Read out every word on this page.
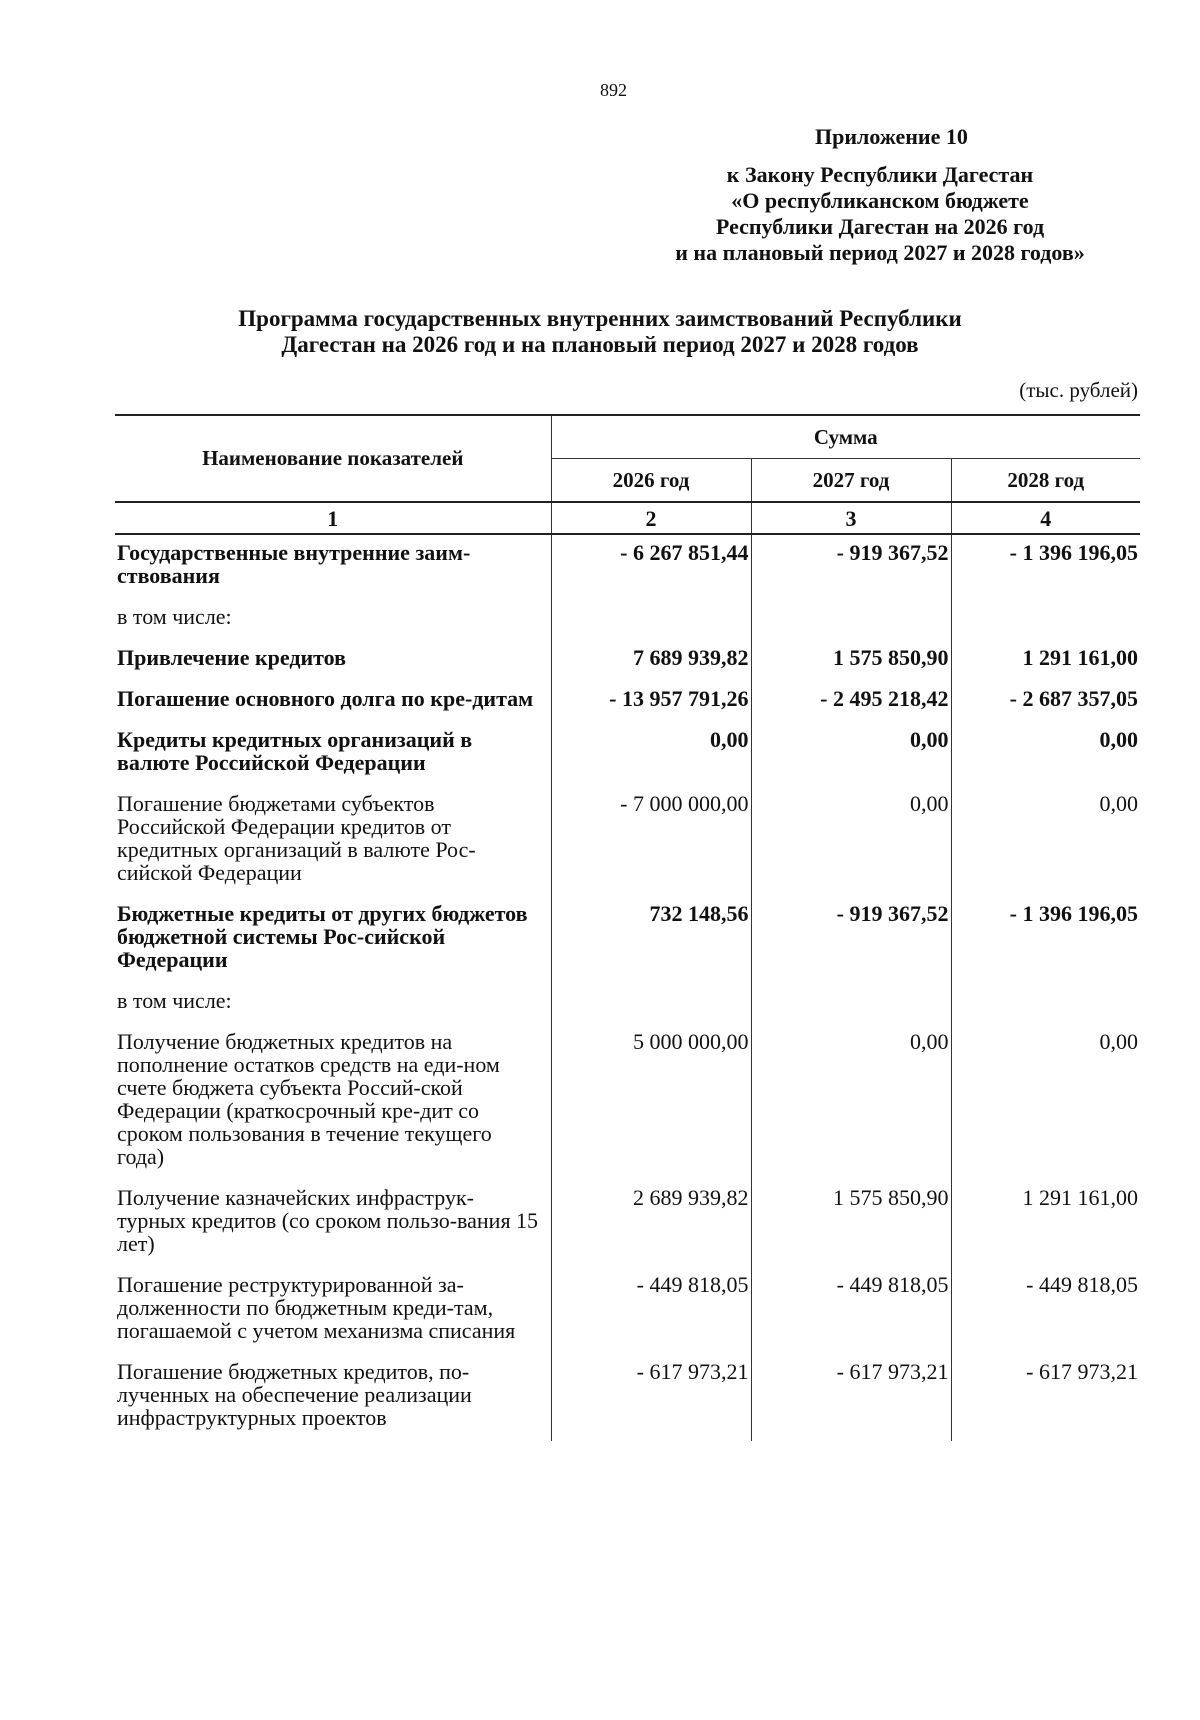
892
Приложение 10
к Закону Республики Дагестан
«О республиканском бюджете
Республики Дагестан на 2026 год
и на плановый период 2027 и 2028 годов»
Программа государственных внутренних заимствований Республики
Дагестан на 2026 год и на плановый период 2027 и 2028 годов
(тыс. рублей)
Наименование показателей	Сумма		
	2026 год	2027 год	2028 год
1	2	3	4
Государственные внутренние заим-ствования	- 6 267 851,44	- 919 367,52	- 1 396 196,05
в том числе:			
Привлечение кредитов	7 689 939,82	1 575 850,90	1 291 161,00
Погашение основного долга по кре-дитам	- 13 957 791,26	- 2 495 218,42	- 2 687 357,05
Кредиты кредитных организаций в валюте Российской Федерации	0,00	0,00	0,00
Погашение бюджетами субъектов Российской Федерации кредитов от кредитных организаций в валюте Рос-сийской Федерации	- 7 000 000,00	0,00	0,00
Бюджетные кредиты от других бюджетов бюджетной системы Рос-сийской Федерации	732 148,56	- 919 367,52	- 1 396 196,05
в том числе:			
Получение бюджетных кредитов на пополнение остатков средств на еди-ном счете бюджета субъекта Россий-ской Федерации (краткосрочный кре-дит со сроком пользования в течение текущего года)	5 000 000,00	0,00	0,00
Получение казначейских инфраструк-турных кредитов (со сроком пользо-вания 15 лет)	2 689 939,82	1 575 850,90	1 291 161,00
Погашение реструктурированной за-долженности по бюджетным креди-там, погашаемой с учетом механизма списания	- 449 818,05	- 449 818,05	- 449 818,05
Погашение бюджетных кредитов, по-лученных на обеспечение реализации инфраструктурных проектов	- 617 973,21	- 617 973,21	- 617 973,21
